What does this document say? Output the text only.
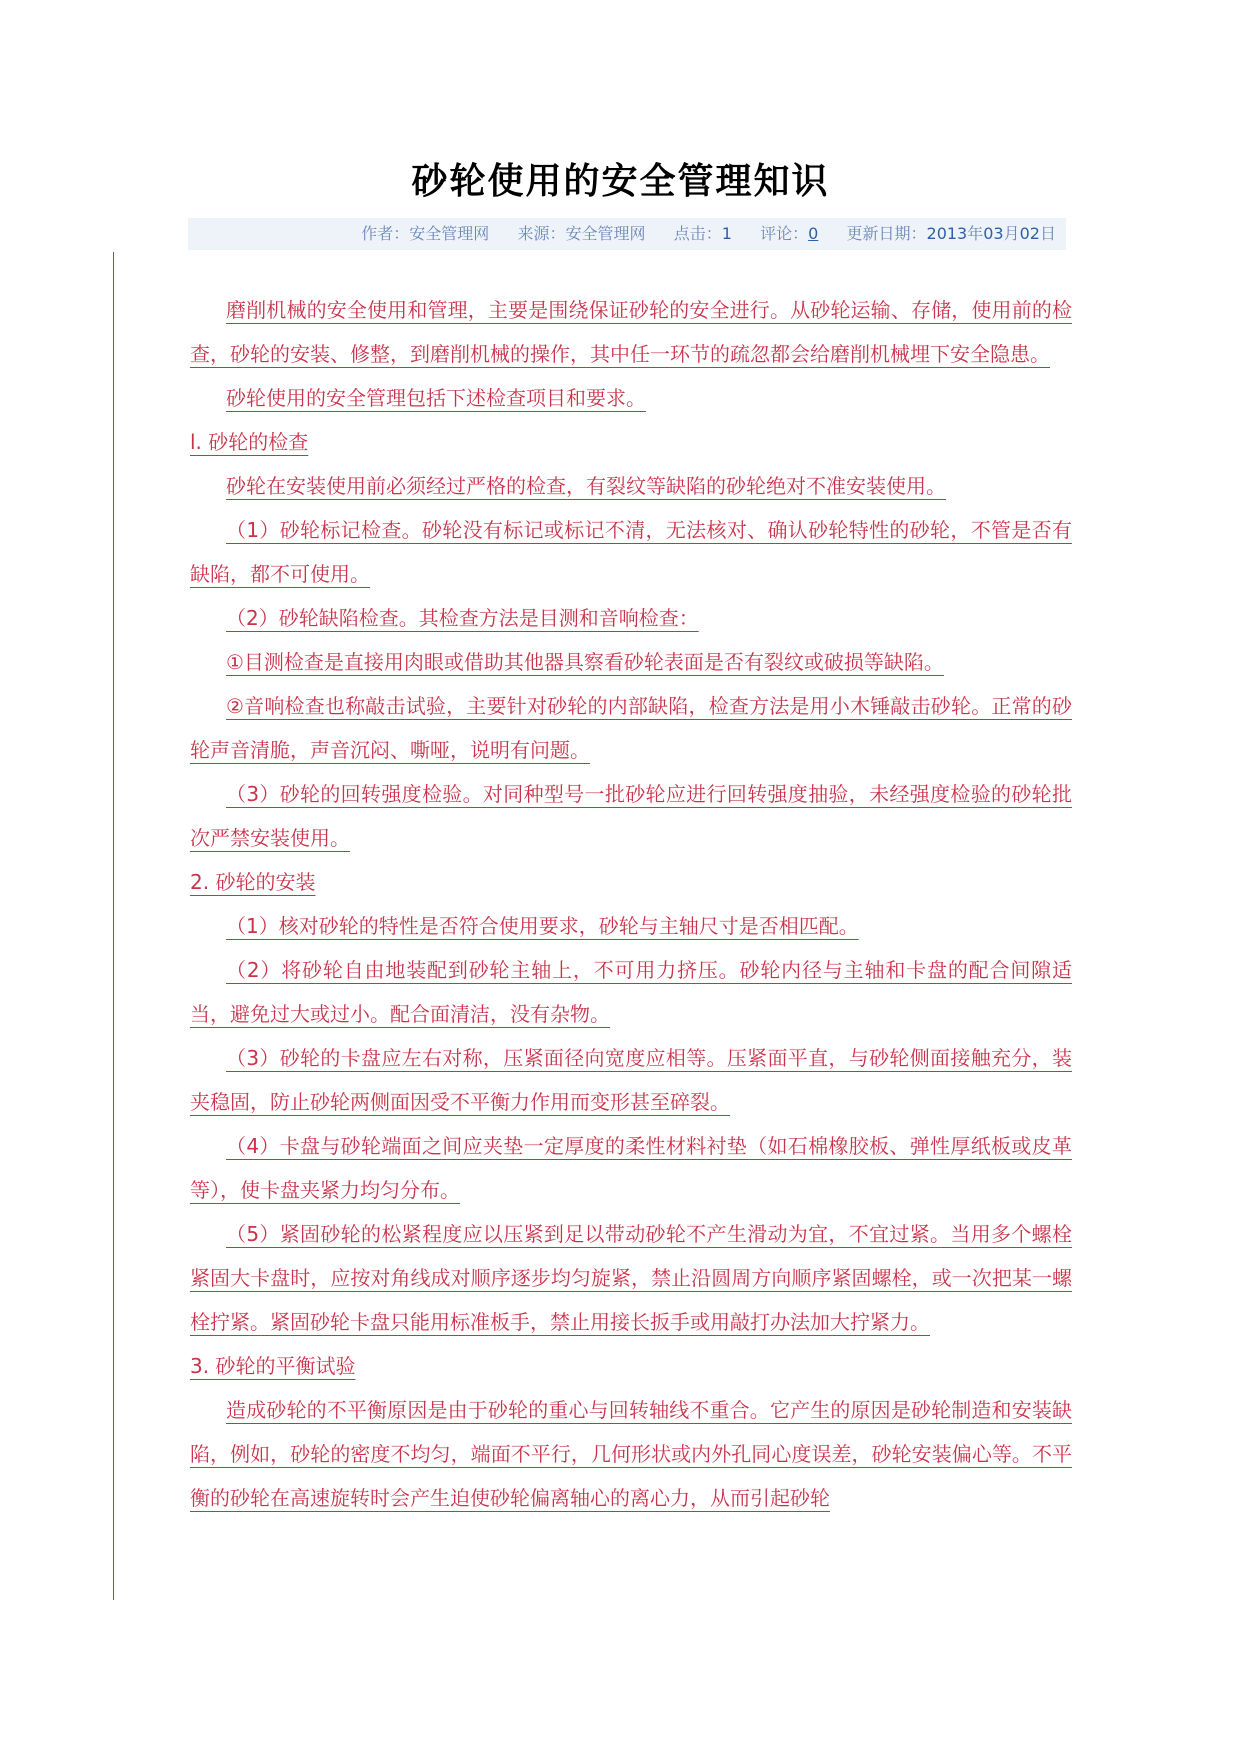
砂轮使用的安全管理知识
作者：安全管理网 来源：安全管理网 点击：1 评论：0 更新日期：2013年03月02日

磨削机械的安全使用和管理，主要是围绕保证砂轮的安全进行。从砂轮运输、存储，使用前的检查，砂轮的安装、修整，到磨削机械的操作，其中任一环节的疏忽都会给磨削机械埋下安全隐患。

砂轮使用的安全管理包括下述检查项目和要求。

l. 砂轮的检查

砂轮在安装使用前必须经过严格的检查，有裂纹等缺陷的砂轮绝对不准安装使用。

（1）砂轮标记检查。砂轮没有标记或标记不清，无法核对、确认砂轮特性的砂轮，不管是否有缺陷，都不可使用。

（2）砂轮缺陷检查。其检查方法是目测和音响检查：

①目测检查是直接用肉眼或借助其他器具察看砂轮表面是否有裂纹或破损等缺陷。

②音响检查也称敲击试验，主要针对砂轮的内部缺陷，检查方法是用小木锤敲击砂轮。正常的砂轮声音清脆，声音沉闷、嘶哑，说明有问题。

（3）砂轮的回转强度检验。对同种型号一批砂轮应进行回转强度抽验，未经强度检验的砂轮批次严禁安装使用。

2. 砂轮的安装

（1）核对砂轮的特性是否符合使用要求，砂轮与主轴尺寸是否相匹配。

（2）将砂轮自由地装配到砂轮主轴上，不可用力挤压。砂轮内径与主轴和卡盘的配合间隙适当，避免过大或过小。配合面清洁，没有杂物。

（3）砂轮的卡盘应左右对称，压紧面径向宽度应相等。压紧面平直，与砂轮侧面接触充分，装夹稳固，防止砂轮两侧面因受不平衡力作用而变形甚至碎裂。

（4）卡盘与砂轮端面之间应夹垫一定厚度的柔性材料衬垫（如石棉橡胶板、弹性厚纸板或皮革等），使卡盘夹紧力均匀分布。

（5）紧固砂轮的松紧程度应以压紧到足以带动砂轮不产生滑动为宜，不宜过紧。当用多个螺栓紧固大卡盘时，应按对角线成对顺序逐步均匀旋紧，禁止沿圆周方向顺序紧固螺栓，或一次把某一螺栓拧紧。紧固砂轮卡盘只能用标准板手，禁止用接长扳手或用敲打办法加大拧紧力。

3. 砂轮的平衡试验

造成砂轮的不平衡原因是由于砂轮的重心与回转轴线不重合。它产生的原因是砂轮制造和安装缺陷，例如，砂轮的密度不均匀，端面不平行，几何形状或内外孔同心度误差，砂轮安装偏心等。不平衡的砂轮在高速旋转时会产生迫使砂轮偏离轴心的离心力，从而引起砂轮
